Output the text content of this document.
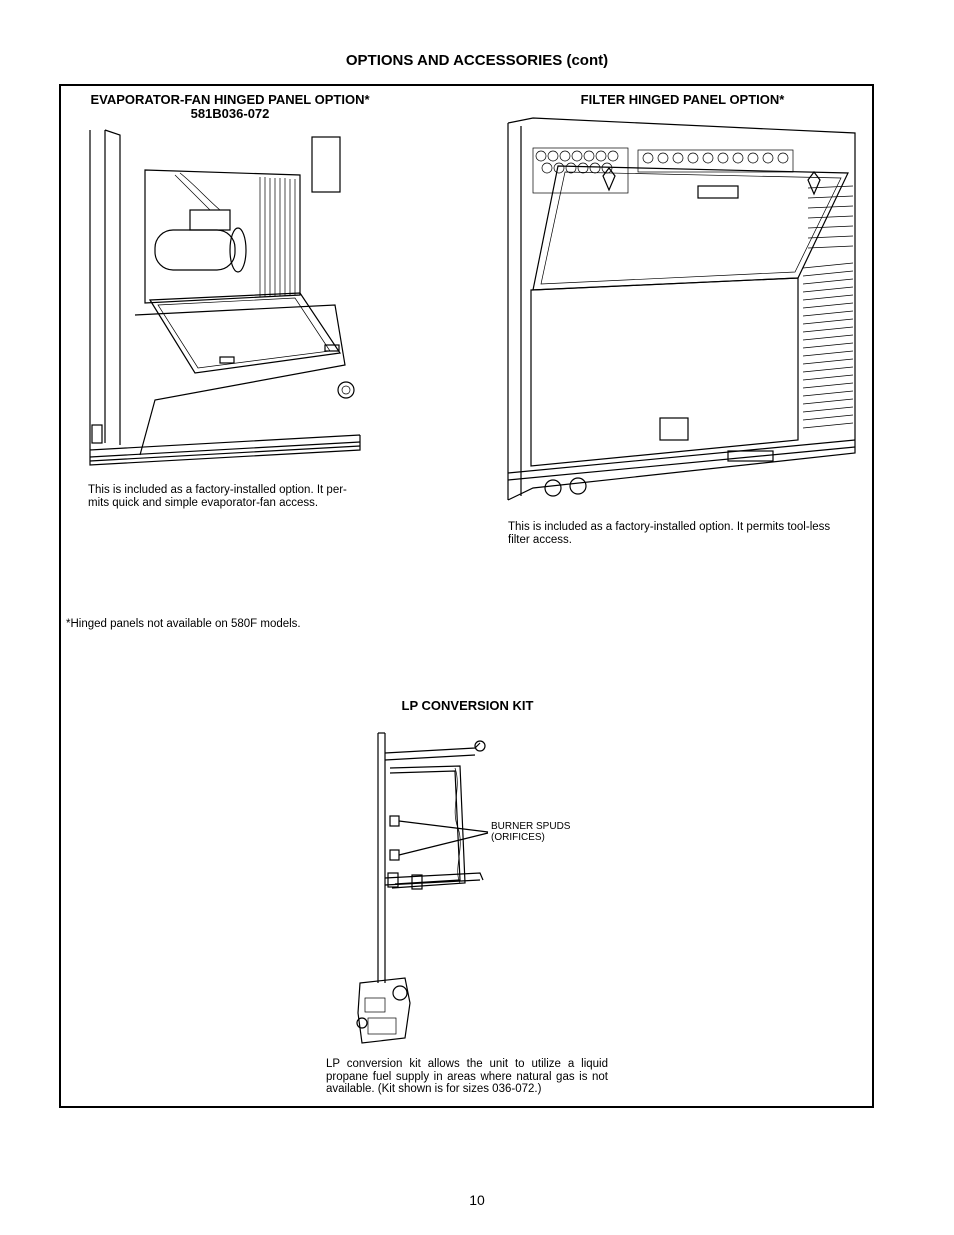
OPTIONS AND ACCESSORIES (cont)
EVAPORATOR-FAN HINGED PANEL OPTION*
581B036-072
This is included as a factory-installed option. It per-
mits quick and simple evaporator-fan access.
FILTER HINGED PANEL OPTION*
This is included as a factory-installed option. It permits tool-less
filter access.
*Hinged panels not available on 580F models.
LP CONVERSION KIT
BURNER SPUDS
(ORIFICES)
LP conversion kit allows the unit to utilize a liquid propane fuel supply in areas where natural gas is not available. (Kit shown is for sizes 036-072.)
10
